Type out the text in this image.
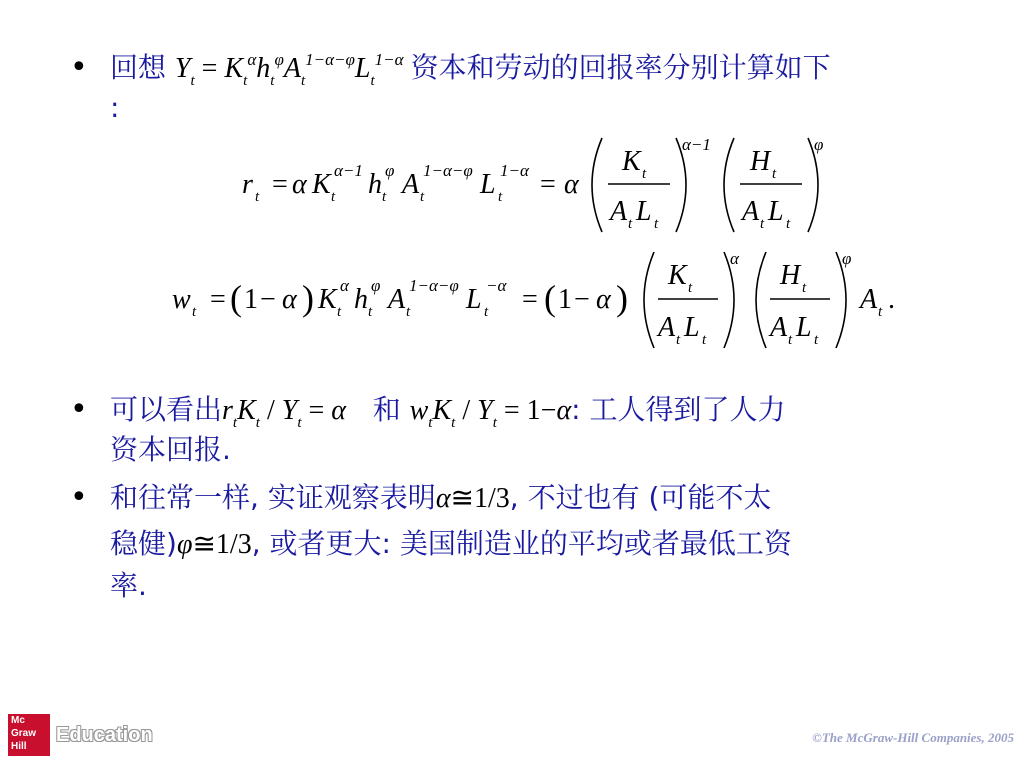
• 回想 $Y_t = K_t^\alpha h_t^\varphi A_t^{1-\alpha-\varphi}L_t^{1-\alpha}$ 资本和劳动的回报率分别计算如下
:
r t = α K t
α−1 h t
φ A t
1−α−φ L t
1−α = α
K t
A t L t
α−1
H t
A t L t
φ
w t = ( 1 − α ) K t
α h t
φ A t
1−α−φ L t
−α = ( 1 − α )
K t
A t L t
α
H t
A t L t
φ
A t .
• 可以看出$r_tK_t / Y_t = \alpha$ 和 $w_tK_t / Y_t = 1-\alpha$: 工人得到了人力
资本回报.
• 和往常一样, 实证观察表明α≅1/3, 不过也有 (可能不太
稳健)φ≅1/3, 或者更大: 美国制造业的平均或者最低工资
率.
Mc
Graw
Hill
Education	©The McGraw-Hill Companies, 2005
